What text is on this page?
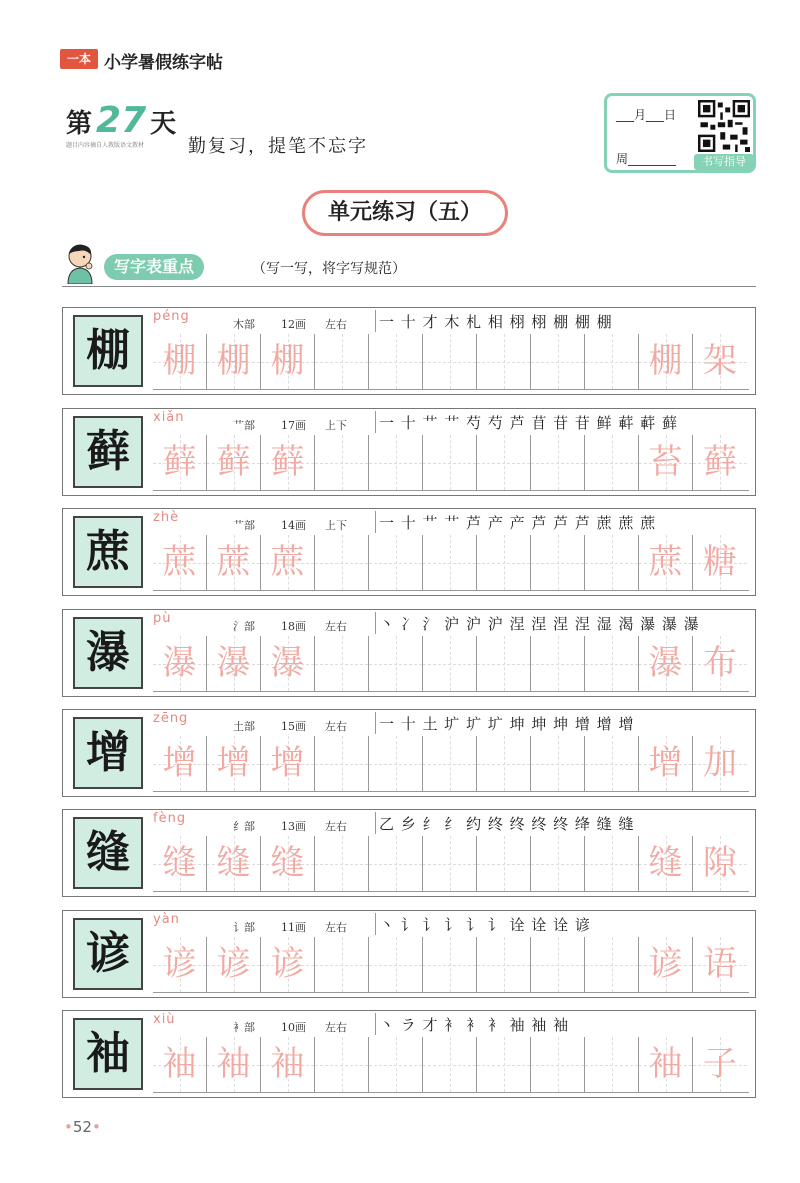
一本 小学暑假练字帖
第 27 天
题目内容摘自人教版语文教材	勤复习，提笔不忘字
___月___日
周________	书写指导
单元练习（五）
写字表重点	（写一写，将字写规范）
棚
péng
木部 12画 左右 一 十 才 木 札 相 栩 栩 棚 棚 棚
棚 棚 棚	棚 架
藓
xiǎn
艹部 17画 上下 一 十 艹 艹 芍 芍 芦 苜 苷 苷 鲜 蓒 蓒 藓
藓 藓 藓	苔 藓
蔗
zhè
艹部 14画 上下 一 十 艹 艹 芦 产 产 芦 芦 芦 蔗 蔗 蔗
蔗 蔗 蔗	蔗 糖
瀑
pù
氵部 18画 左右 丶 冫 氵 沪 沪 沪 涅 涅 涅 涅 湿 渴 瀑 瀑 瀑
瀑 瀑 瀑	瀑 布
增
zēng
土部 15画 左右 一 十 土 圹 圹 圹 坤 坤 坤 增 增 增
增 增 增	增 加
缝
fèng
纟部 13画 左右 乙 乡 纟 纟 约 终 终 终 终 绛 缝 缝
缝 缝 缝	缝 隙
谚
yàn
讠部 11画 左右 丶 讠 讠 讠 讠 讠 诠 诠 诠 谚
谚 谚 谚	谚 语
袖
xiù
衤部 10画 左右 丶 ラ 才 衤 衤 衤 袖 袖 袖
袖 袖 袖	袖 子
•52•
